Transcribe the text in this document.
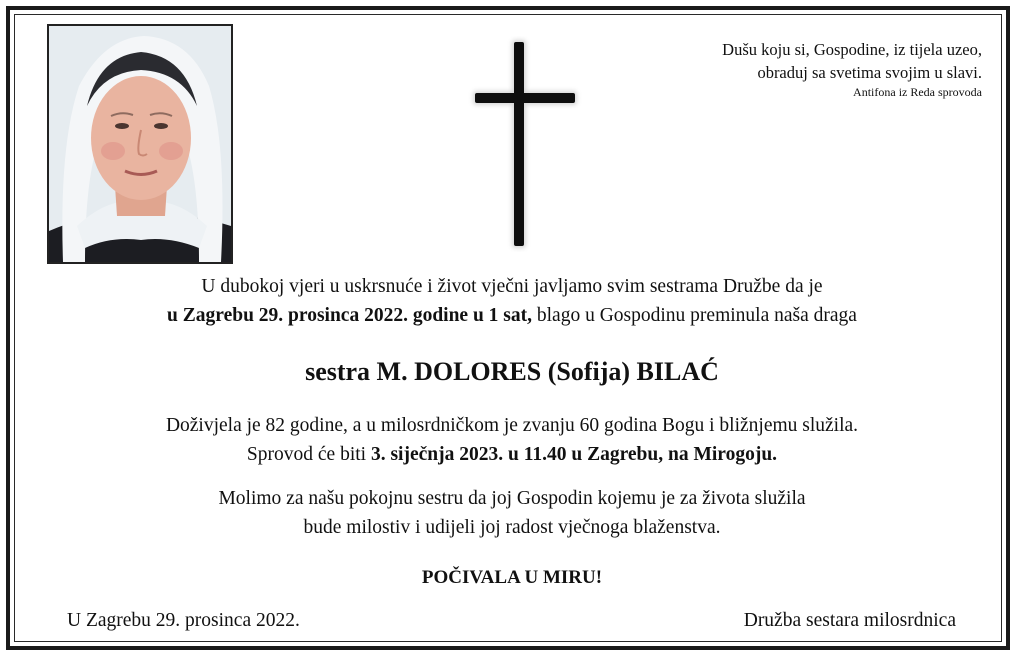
Dušu koju si, Gospodine, iz tijela uzeo,
obraduj sa svetima svojim u slavi.
Antifona iz Reda sprovoda
U dubokoj vjeri u uskrsnuće i život vječni javljamo svim sestrama Družbe da je
u Zagrebu 29. prosinca 2022. godine u 1 sat, blago u Gospodinu preminula naša draga
sestra M. DOLORES (Sofija) BILAĆ
Doživjela je 82 godine, a u milosrdničkom je zvanju 60 godina Bogu i bližnjemu služila.
Sprovod će biti 3. siječnja 2023. u 11.40 u Zagrebu, na Mirogoju.
Molimo za našu pokojnu sestru da joj Gospodin kojemu je za života služila
bude milostiv i udijeli joj radost vječnoga blaženstva.
POČIVALA U MIRU!
U Zagrebu 29. prosinca 2022.	Družba sestara milosrdnica
